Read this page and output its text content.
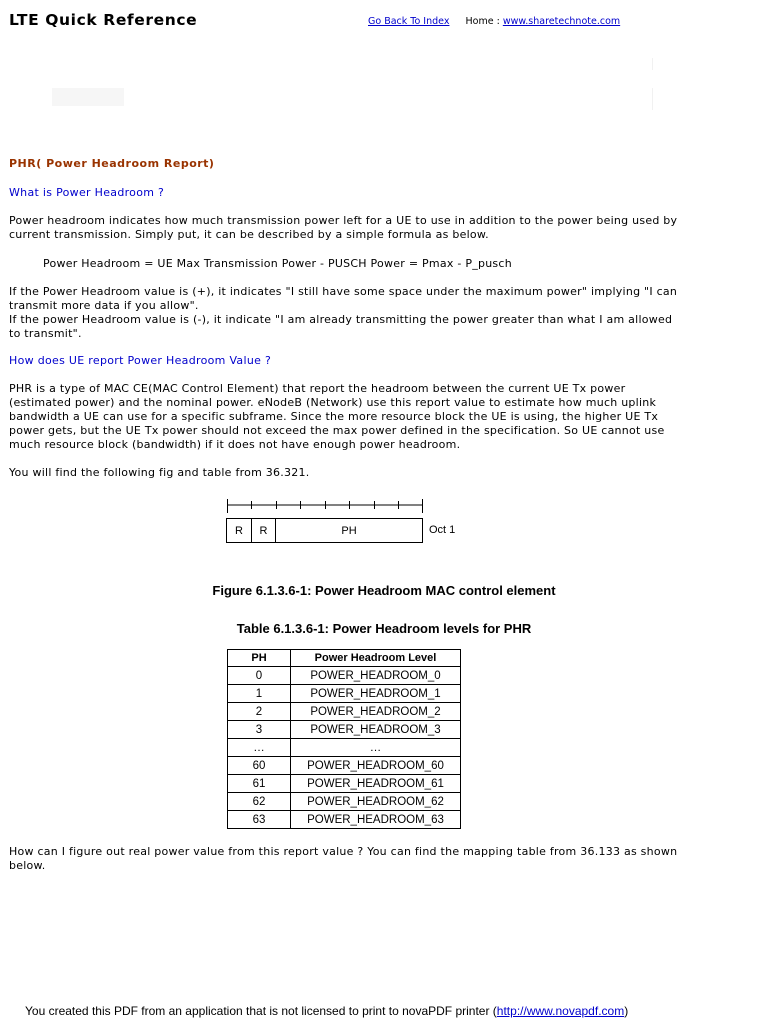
LTE Quick Reference	Go Back To Index Home : www.sharetechnote.com
PHR( Power Headroom Report)
What is Power Headroom ?
Power headroom indicates how much transmission power left for a UE to use in addition to the power being used by current transmission. Simply put, it can be described by a simple formula as below.
Power Headroom = UE Max Transmission Power - PUSCH Power = Pmax - P_pusch

If the Power Headroom value is (+), it indicates "I still have some space under the maximum power" implying "I can transmit more data if you allow".

If the power Headroom value is (-), it indicate "I am already transmitting the power greater than what I am allowed to transmit".

How does UE report Power Headroom Value ?
PHR is a type of MAC CE(MAC Control Element) that report the headroom between the current UE Tx power (estimated power) and the nominal power. eNodeB (Network) use this report value to estimate how much uplink bandwidth a UE can use for a specific subframe. Since the more resource block the UE is using, the higher UE Tx power gets, but the UE Tx power should not exceed the max power defined in the specification. So UE cannot use much resource block (bandwidth) if it does not have enough power headroom.
You will find the following fig and table from 36.321.
R	R	PH	Oct 1
Figure 6.1.3.6-1: Power Headroom MAC control element
Table 6.1.3.6-1: Power Headroom levels for PHR
PH	Power Headroom Level
0	POWER_HEADROOM_0
1	POWER_HEADROOM_1
2	POWER_HEADROOM_2
3	POWER_HEADROOM_3
…	…
60	POWER_HEADROOM_60
61	POWER_HEADROOM_61
62	POWER_HEADROOM_62
63	POWER_HEADROOM_63
How can I figure out real power value from this report value ? You can find the mapping table from 36.133 as shown below.
You created this PDF from an application that is not licensed to print to novaPDF printer (http://www.novapdf.com)
